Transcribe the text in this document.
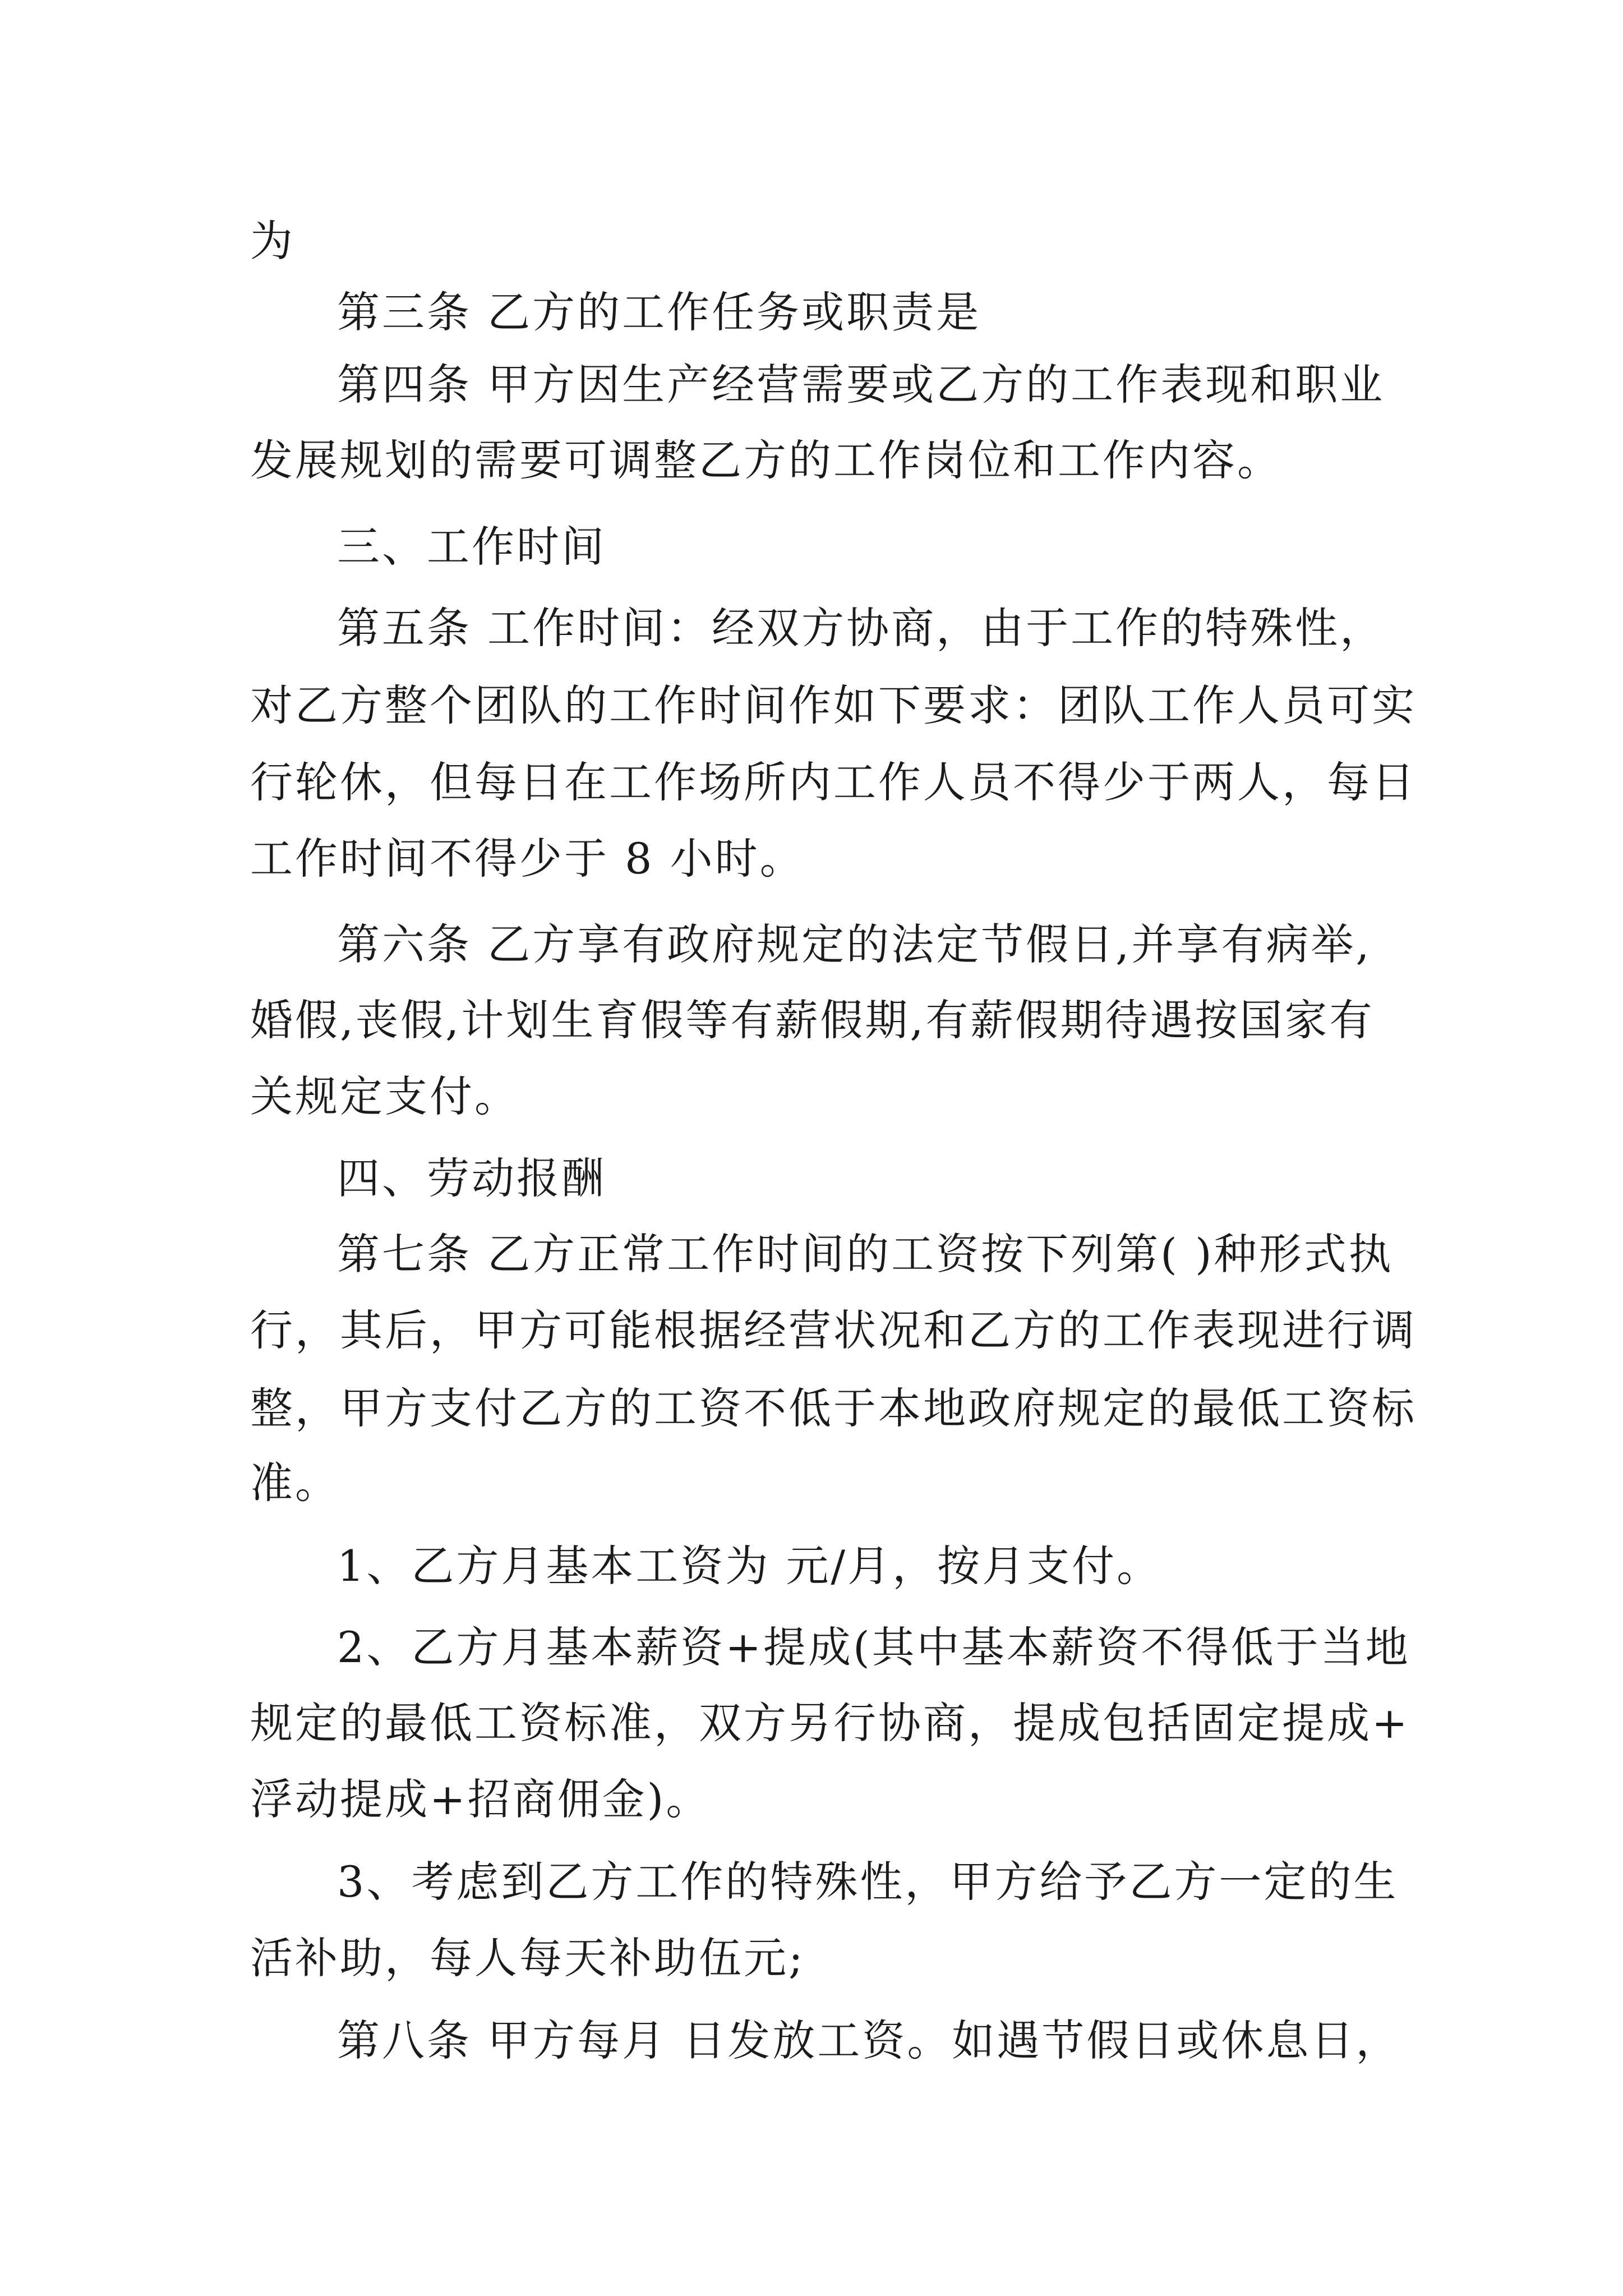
为
第三条 乙方的工作任务或职责是
第四条 甲方因生产经营需要或乙方的工作表现和职业
发展规划的需要可调整乙方的工作岗位和工作内容。
三、工作时间
第五条 工作时间：经双方协商，由于工作的特殊性，
对乙方整个团队的工作时间作如下要求：团队工作人员可实
行轮休，但每日在工作场所内工作人员不得少于两人，每日
工作时间不得少于 8 小时。
第六条 乙方享有政府规定的法定节假日,并享有病举,
婚假,丧假,计划生育假等有薪假期,有薪假期待遇按国家有
关规定支付。
四、劳动报酬
第七条 乙方正常工作时间的工资按下列第( )种形式执
行，其后，甲方可能根据经营状况和乙方的工作表现进行调
整，甲方支付乙方的工资不低于本地政府规定的最低工资标
准。
1、乙方月基本工资为 元/月，按月支付。
2、乙方月基本薪资+提成(其中基本薪资不得低于当地
规定的最低工资标准，双方另行协商，提成包括固定提成+
浮动提成+招商佣金)。
3、考虑到乙方工作的特殊性，甲方给予乙方一定的生
活补助，每人每天补助伍元;
第八条 甲方每月 日发放工资。如遇节假日或休息日，
